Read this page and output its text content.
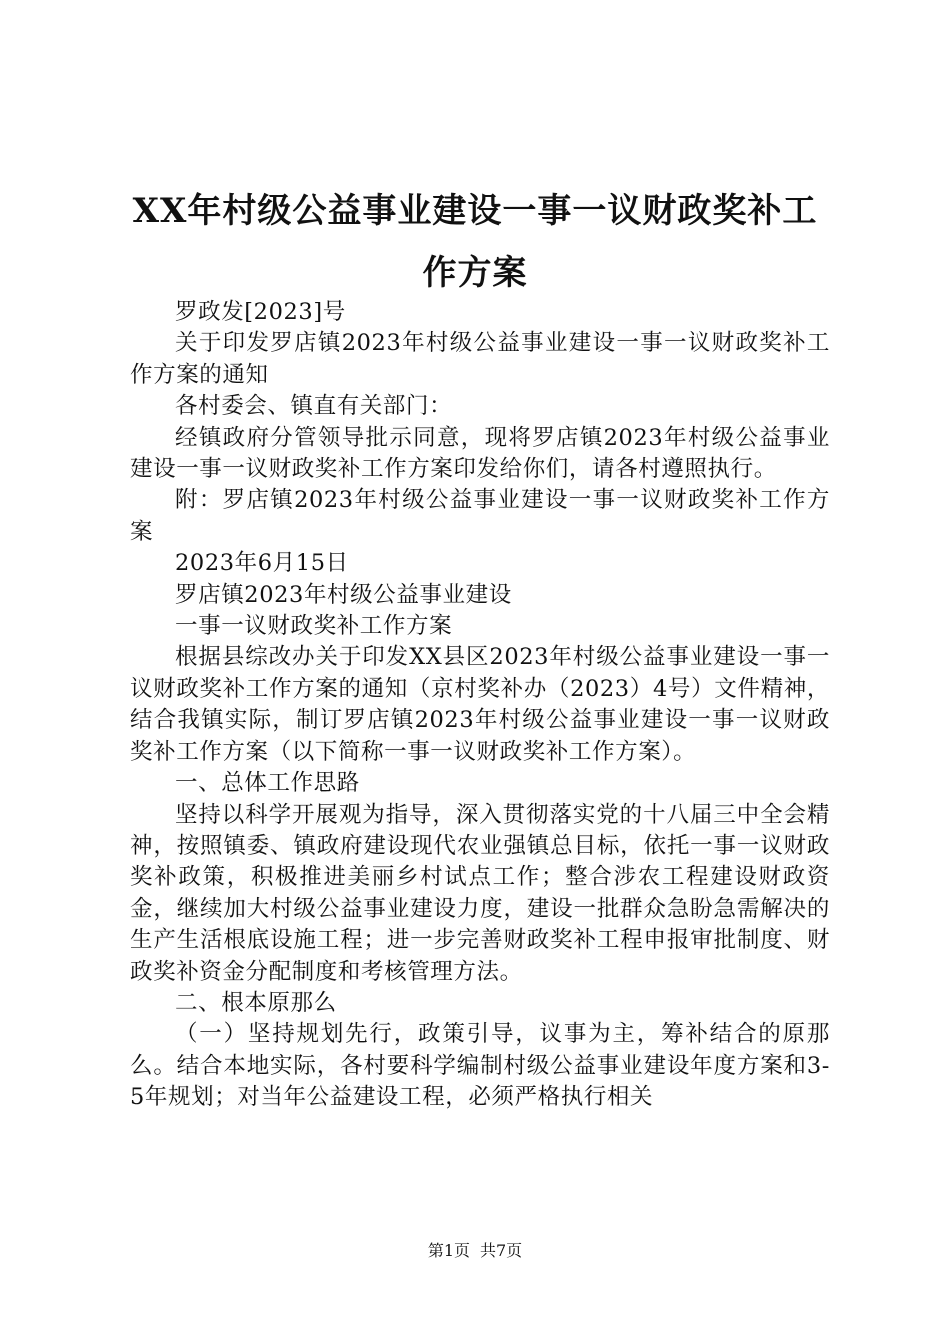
XX年村级公益事业建设一事一议财政奖补工作方案

罗政发[2023]号

关于印发罗店镇2023年村级公益事业建设一事一议财政奖补工作方案的通知

各村委会、镇直有关部门：

经镇政府分管领导批示同意，现将罗店镇2023年村级公益事业建设一事一议财政奖补工作方案印发给你们，请各村遵照执行。

附：罗店镇2023年村级公益事业建设一事一议财政奖补工作方案

2023年6月15日

罗店镇2023年村级公益事业建设

一事一议财政奖补工作方案

根据县综改办关于印发XX县区2023年村级公益事业建设一事一议财政奖补工作方案的通知（京村奖补办（2023）4号）文件精神，结合我镇实际，制订罗店镇2023年村级公益事业建设一事一议财政奖补工作方案（以下简称一事一议财政奖补工作方案）。

一、总体工作思路

坚持以科学开展观为指导，深入贯彻落实党的十八届三中全会精神，按照镇委、镇政府建设现代农业强镇总目标，依托一事一议财政奖补政策，积极推进美丽乡村试点工作；整合涉农工程建设财政资金，继续加大村级公益事业建设力度，建设一批群众急盼急需解决的生产生活根底设施工程；进一步完善财政奖补工程申报审批制度、财政奖补资金分配制度和考核管理方法。

二、根本原那么

（一）坚持规划先行，政策引导，议事为主，筹补结合的原那么。结合本地实际，各村要科学编制村级公益事业建设年度方案和3-5年规划；对当年公益建设工程，必须严格执行相关

第1页 共7页
